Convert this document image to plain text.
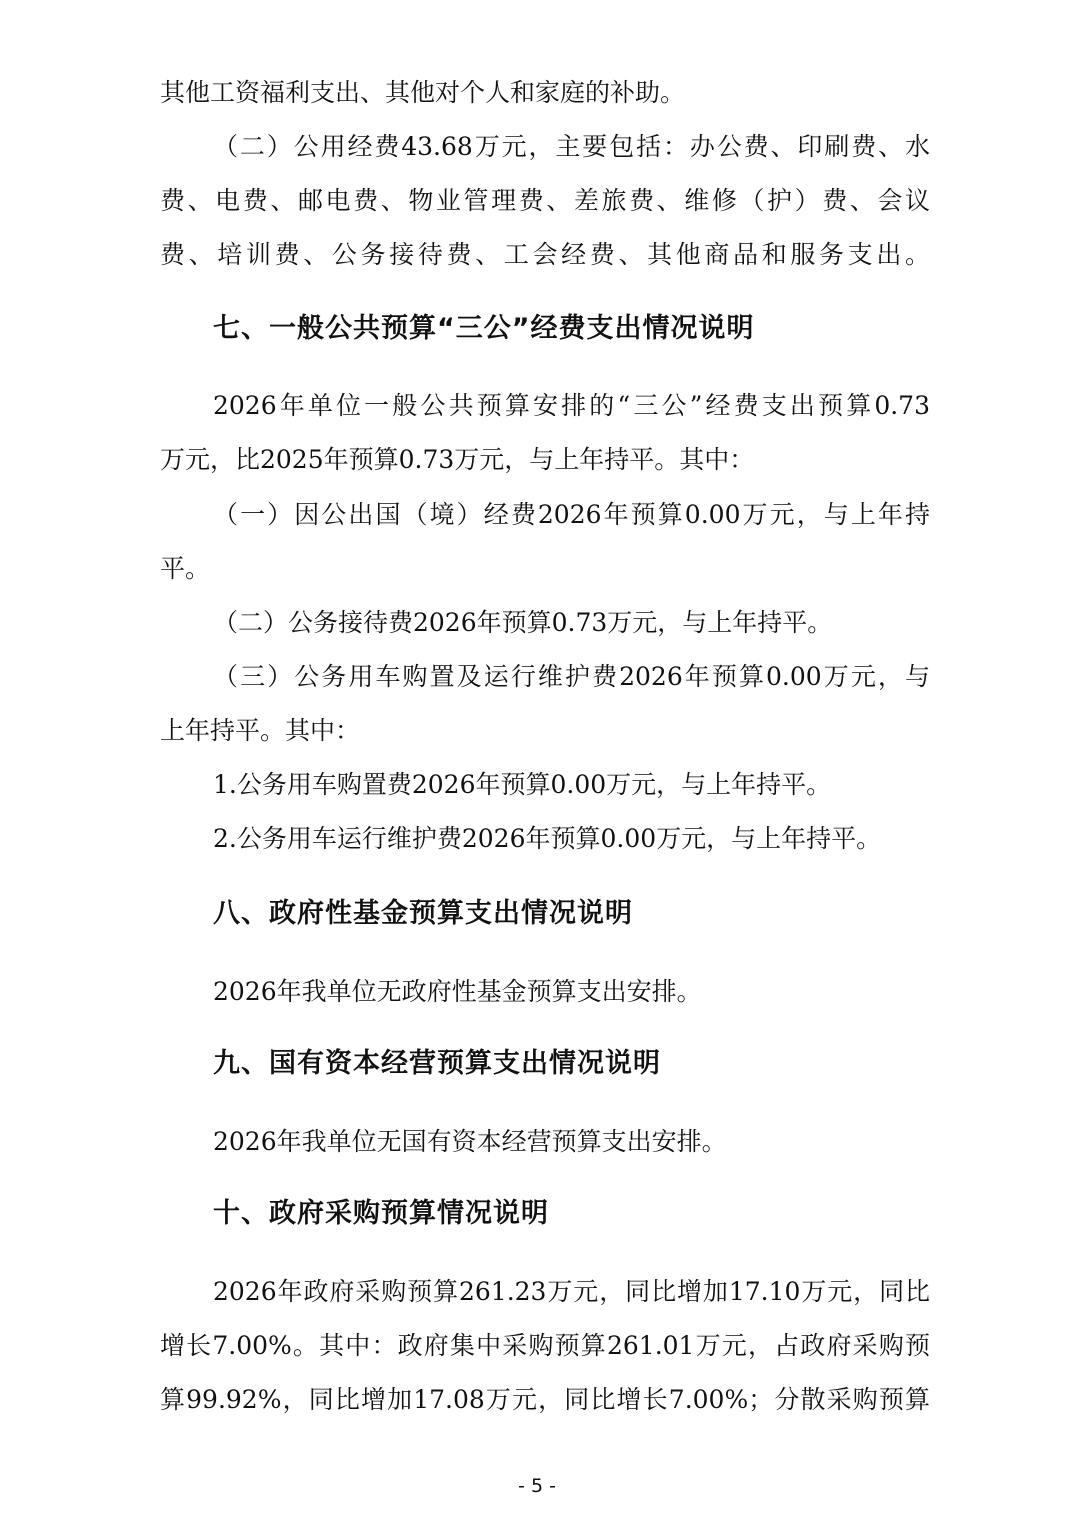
其他工资福利支出、其他对个人和家庭的补助。
（二）公用经费43.68万元，主要包括：办公费、印刷费、水
费、电费、邮电费、物业管理费、差旅费、维修（护）费、会议
费、培训费、公务接待费、工会经费、其他商品和服务支出。
七、一般公共预算“三公”经费支出情况说明
2026年单位一般公共预算安排的“三公”经费支出预算0.73
万元，比2025年预算0.73万元，与上年持平。其中：
（一）因公出国（境）经费2026年预算0.00万元，与上年持
平。
（二）公务接待费2026年预算0.73万元，与上年持平。
（三）公务用车购置及运行维护费2026年预算0.00万元，与
上年持平。其中：
1.公务用车购置费2026年预算0.00万元，与上年持平。
2.公务用车运行维护费2026年预算0.00万元，与上年持平。
八、政府性基金预算支出情况说明
2026年我单位无政府性基金预算支出安排。
九、国有资本经营预算支出情况说明
2026年我单位无国有资本经营预算支出安排。
十、政府采购预算情况说明
2026年政府采购预算261.23万元，同比增加17.10万元，同比
增长7.00%。其中：政府集中采购预算261.01万元，占政府采购预
算99.92%，同比增加17.08万元，同比增长7.00%；分散采购预算
- 5 -
